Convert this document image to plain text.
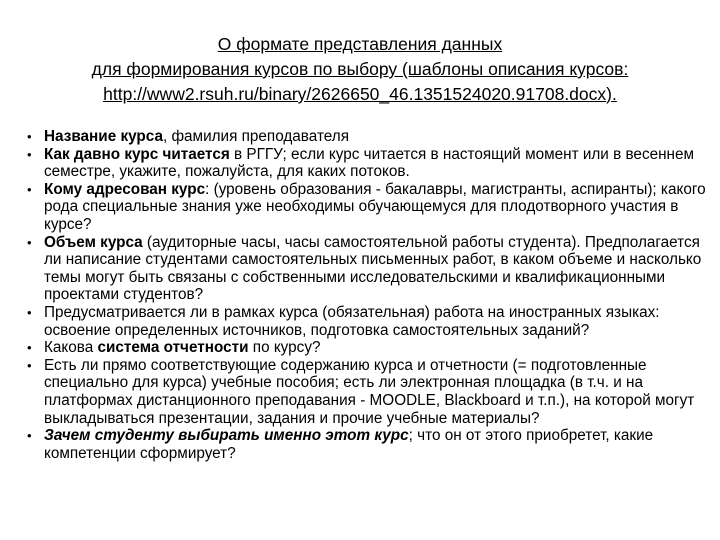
О формате представления данных
для формирования курсов по выбору (шаблоны описания курсов:
http://www2.rsuh.ru/binary/2626650_46.1351524020.91708.docx).
• Название курса, фамилия преподавателя
• Как давно курс читается в РГГУ; если курс читается в настоящий момент или в весеннем семестре, укажите, пожалуйста, для каких потоков.
• Кому адресован курс: (уровень образования - бакалавры, магистранты, аспиранты); какого рода специальные знания уже необходимы обучающемуся для плодотворного участия в курсе?
• Объем курса (аудиторные часы, часы самостоятельной работы студента). Предполагается ли написание студентами самостоятельных письменных работ, в каком объеме и насколько темы могут быть связаны с собственными исследовательскими и квалификационными проектами студентов?
• Предусматривается ли в рамках курса (обязательная) работа на иностранных языках: освоение определенных источников, подготовка самостоятельных заданий?
• Какова система отчетности по курсу?
• Есть ли прямо соответствующие содержанию курса и отчетности (= подготовленные специально для курса) учебные пособия; есть ли электронная площадка (в т.ч. и на платформах дистанционного преподавания - MOODLE, Blackboard и т.п.), на которой могут выкладываться презентации, задания и прочие учебные материалы?
• Зачем студенту выбирать именно этот курс; что он от этого приобретет, какие компетенции сформирует?
